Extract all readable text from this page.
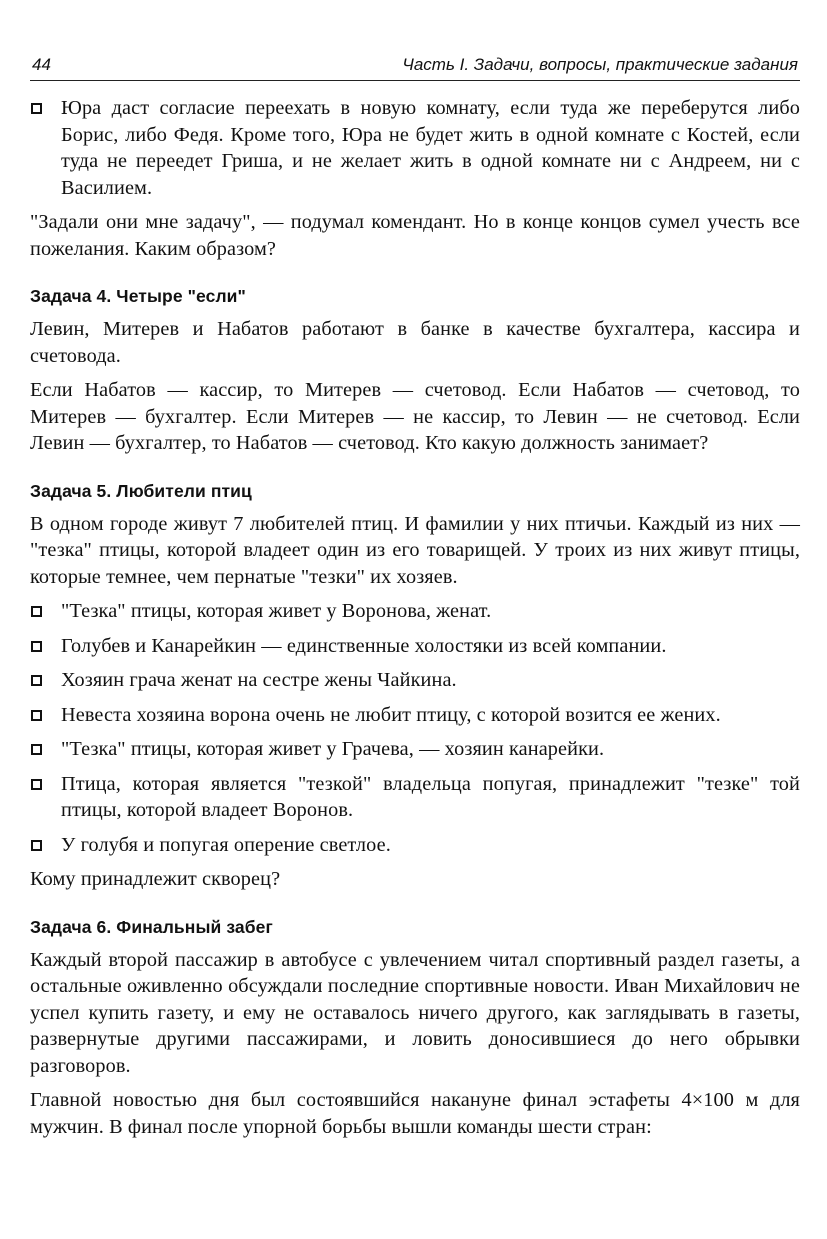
44	Часть I. Задачи, вопросы, практические задания
Юра даст согласие переехать в новую комнату, если туда же переберутся либо Борис, либо Федя. Кроме того, Юра не будет жить в одной комнате с Костей, если туда не переедет Гриша, и не желает жить в одной комнате ни с Андреем, ни с Василием.

"Задали они мне задачу", — подумал комендант. Но в конце концов сумел учесть все пожелания. Каким образом?

Задача 4. Четыре "если"

Левин, Митерев и Набатов работают в банке в качестве бухгалтера, кассира и счетовода.

Если Набатов — кассир, то Митерев — счетовод. Если Набатов — счетовод, то Митерев — бухгалтер. Если Митерев — не кассир, то Левин — не счетовод. Если Левин — бухгалтер, то Набатов — счетовод. Кто какую должность занимает?

Задача 5. Любители птиц

В одном городе живут 7 любителей птиц. И фамилии у них птичьи. Каждый из них — "тезка" птицы, которой владеет один из его товарищей. У троих из них живут птицы, которые темнее, чем пернатые "тезки" их хозяев.

"Тезка" птицы, которая живет у Воронова, женат.
Голубев и Канарейкин — единственные холостяки из всей компании.
Хозяин грача женат на сестре жены Чайкина.
Невеста хозяина ворона очень не любит птицу, с которой возится ее жених.
"Тезка" птицы, которая живет у Грачева, — хозяин канарейки.
Птица, которая является "тезкой" владельца попугая, принадлежит "тезке" той птицы, которой владеет Воронов.
У голубя и попугая оперение светлое.

Кому принадлежит скворец?

Задача 6. Финальный забег

Каждый второй пассажир в автобусе с увлечением читал спортивный раздел газеты, а остальные оживленно обсуждали последние спортивные новости. Иван Михайлович не успел купить газету, и ему не оставалось ничего другого, как заглядывать в газеты, развернутые другими пассажирами, и ловить доносившиеся до него обрывки разговоров.

Главной новостью дня был состоявшийся накануне финал эстафеты 4×100 м для мужчин. В финал после упорной борьбы вышли команды шести стран:
